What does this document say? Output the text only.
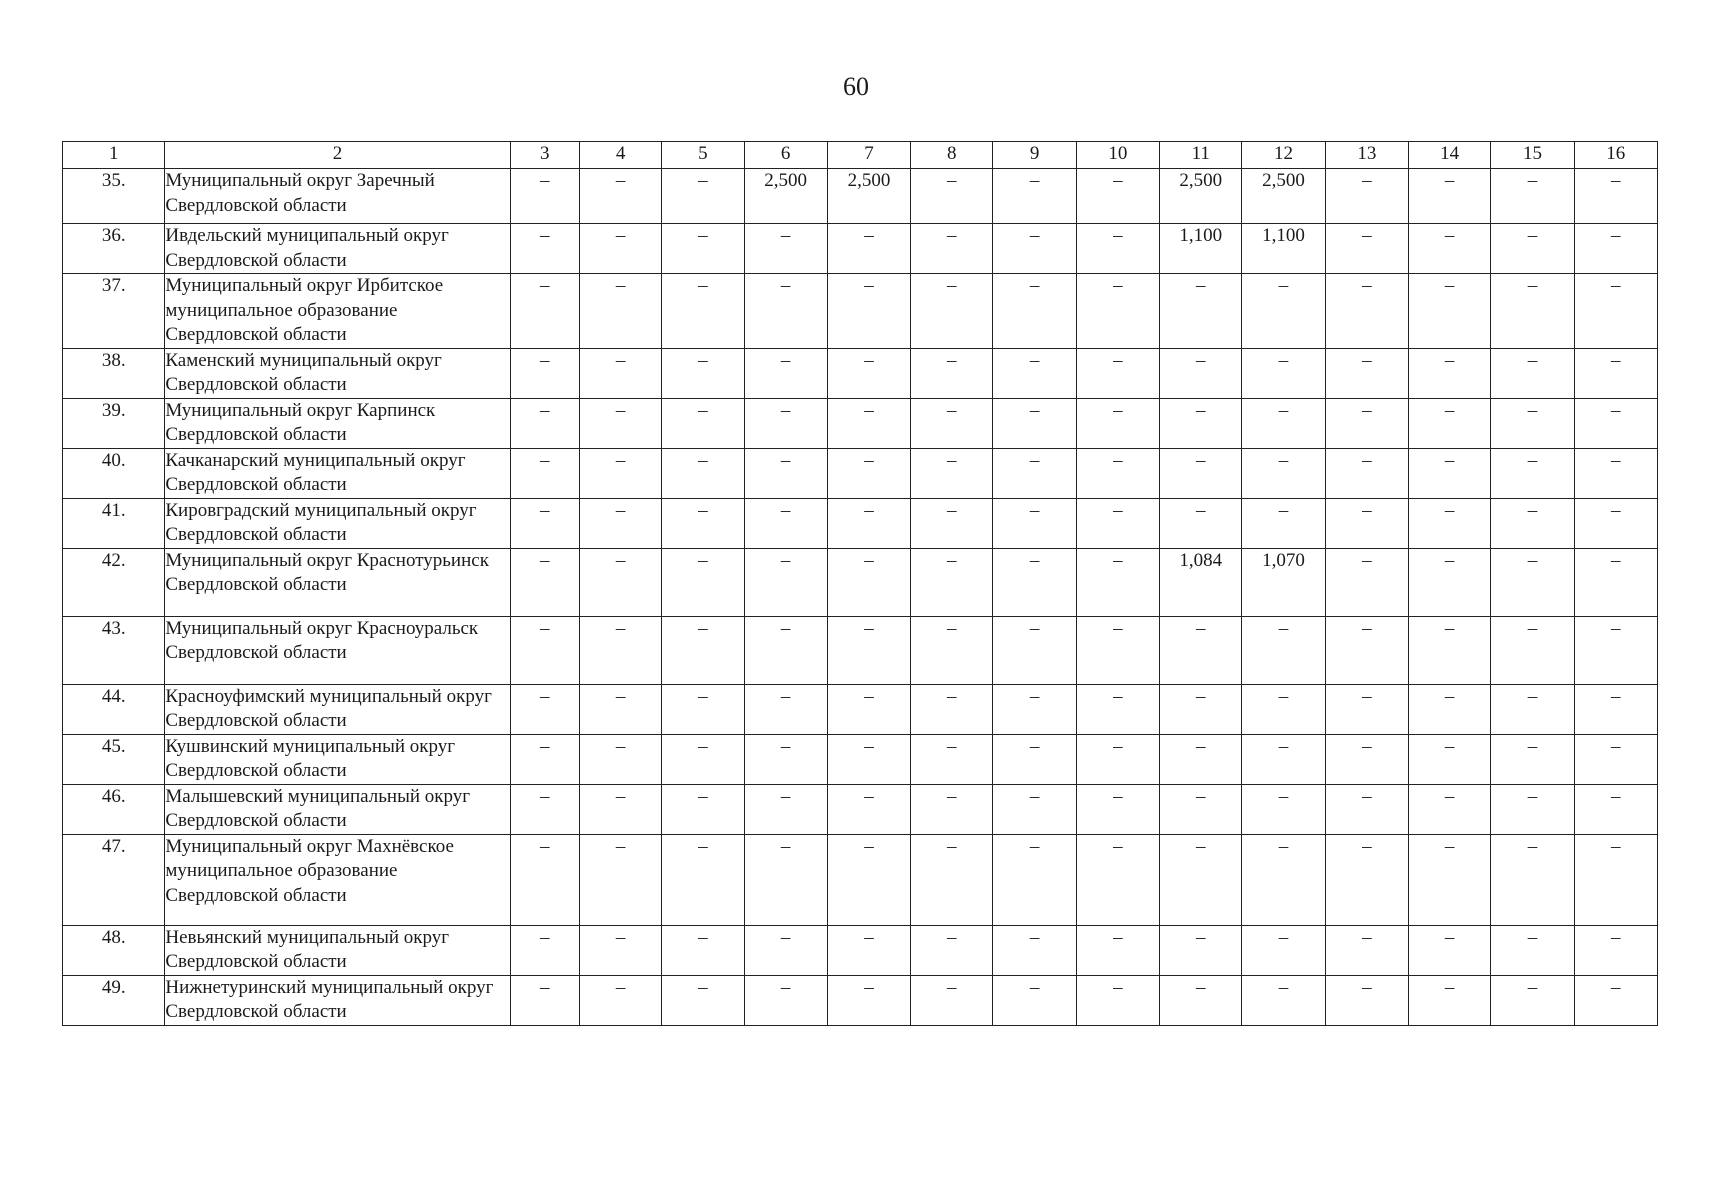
60
1	2	3	4	5	6	7	8	9	10	11	12	13	14	15	16
35.	Муниципальный округ Заречный Свердловской области	–	–	–	2,500	2,500	–	–	–	2,500	2,500	–	–	–	–
36.	Ивдельский муниципальный округ Свердловской области	–	–	–	–	–	–	–	–	1,100	1,100	–	–	–	–
37.	Муниципальный округ Ирбитское муниципальное образование Свердловской области	–	–	–	–	–	–	–	–	–	–	–	–	–	–
38.	Каменский муниципальный округ Свердловской области	–	–	–	–	–	–	–	–	–	–	–	–	–	–
39.	Муниципальный округ Карпинск Свердловской области	–	–	–	–	–	–	–	–	–	–	–	–	–	–
40.	Качканарский муниципальный округ Свердловской области	–	–	–	–	–	–	–	–	–	–	–	–	–	–
41.	Кировградский муниципальный округ Свердловской области	–	–	–	–	–	–	–	–	–	–	–	–	–	–
42.	Муниципальный округ Краснотурьинск Свердловской области	–	–	–	–	–	–	–	–	1,084	1,070	–	–	–	–
43.	Муниципальный округ Красноуральск Свердловской области	–	–	–	–	–	–	–	–	–	–	–	–	–	–
44.	Красноуфимский муниципальный округ Свердловской области	–	–	–	–	–	–	–	–	–	–	–	–	–	–
45.	Кушвинский муниципальный округ Свердловской области	–	–	–	–	–	–	–	–	–	–	–	–	–	–
46.	Малышевский муниципальный округ Свердловской области	–	–	–	–	–	–	–	–	–	–	–	–	–	–
47.	Муниципальный округ Махнёвское муниципальное образование Свердловской области	–	–	–	–	–	–	–	–	–	–	–	–	–	–
48.	Невьянский муниципальный округ Свердловской области	–	–	–	–	–	–	–	–	–	–	–	–	–	–
49.	Нижнетуринский муниципальный округ Свердловской области	–	–	–	–	–	–	–	–	–	–	–	–	–	–
